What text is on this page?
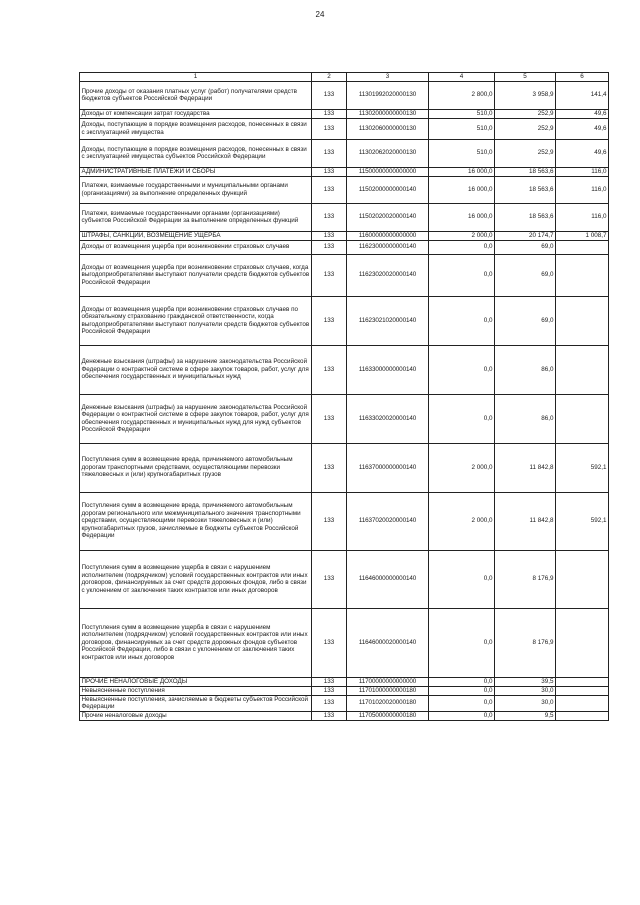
24
1	2	3	4	5	6
Прочие доходы от оказания платных услуг (работ) получателями средств бюджетов субъектов Российской Федерации	133	11301992020000130	2 800,0	3 958,9	141,4
Доходы от компенсации затрат государства	133	11302000000000130	510,0	252,9	49,6
Доходы, поступающие в порядке возмещения расходов, понесенных в связи с эксплуатацией имущества	133	11302060000000130	510,0	252,9	49,6
Доходы, поступающие в порядке возмещения расходов, понесенных в связи с эксплуатацией имущества субъектов Российской Федерации	133	11302062020000130	510,0	252,9	49,6
АДМИНИСТРАТИВНЫЕ ПЛАТЕЖИ И СБОРЫ	133	11500000000000000	16 000,0	18 563,6	116,0
Платежи, взимаемые государственными и муниципальными органами (организациями) за выполнение определенных функций	133	11502000000000140	16 000,0	18 563,6	116,0
Платежи, взимаемые государственными органами (организациями) субъектов Российской Федерации за выполнение определенных функций	133	11502020020000140	16 000,0	18 563,6	116,0
ШТРАФЫ, САНКЦИИ, ВОЗМЕЩЕНИЕ УЩЕРБА	133	11600000000000000	2 000,0	20 174,7	1 008,7
Доходы от возмещения ущерба при возникновении страховых случаев	133	11623000000000140	0,0	69,0	
Доходы от возмещения ущерба при возникновении страховых случаев, когда выгодоприобретателями выступают получатели средств бюджетов субъектов Российской Федерации	133	11623020020000140	0,0	69,0	
Доходы от возмещения ущерба при возникновении страховых случаев по обязательному страхованию гражданской ответственности, когда выгодоприобретателями выступают получатели средств бюджетов субъектов Российской Федерации	133	11623021020000140	0,0	69,0	
Денежные взыскания (штрафы) за нарушение законодательства Российской Федерации о контрактной системе в сфере закупок товаров, работ, услуг для обеспечения государственных и муниципальных нужд	133	11633000000000140	0,0	86,0	
Денежные взыскания (штрафы) за нарушение законодательства Российской Федерации о контрактной системе в сфере закупок товаров, работ, услуг для обеспечения государственных и муниципальных нужд для нужд субъектов Российской Федерации	133	11633020020000140	0,0	86,0	
Поступления сумм в возмещение вреда, причиняемого автомобильным дорогам транспортными средствами, осуществляющими перевозки тяжеловесных и (или) крупногабаритных грузов	133	11637000000000140	2 000,0	11 842,8	592,1
Поступления сумм в возмещение вреда, причиняемого автомобильным дорогам регионального или межмуниципального значения транспортными средствами, осуществляющими перевозки тяжеловесных и (или) крупногабаритных грузов, зачисляемые в бюджеты субъектов Российской Федерации	133	11637020020000140	2 000,0	11 842,8	592,1
Поступления сумм в возмещение ущерба в связи с нарушением исполнителем (подрядчиком) условий государственных контрактов или иных договоров, финансируемых за счет средств дорожных фондов, либо в связи с уклонением от заключения таких контрактов или иных договоров	133	11646000000000140	0,0	8 176,9	
Поступления сумм в возмещение ущерба в связи с нарушением исполнителем (подрядчиком) условий государственных контрактов или иных договоров, финансируемых за счет средств дорожных фондов субъектов Российской Федерации, либо в связи с уклонением от заключения таких контрактов или иных договоров	133	11646000020000140	0,0	8 176,9	
ПРОЧИЕ НЕНАЛОГОВЫЕ ДОХОДЫ	133	11700000000000000	0,0	39,5	
Невыясненные поступления	133	11701000000000180	0,0	30,0	
Невыясненные поступления, зачисляемые в бюджеты субъектов Российской Федерации	133	11701020020000180	0,0	30,0	
Прочие неналоговые доходы	133	11705000000000180	0,0	9,5	
